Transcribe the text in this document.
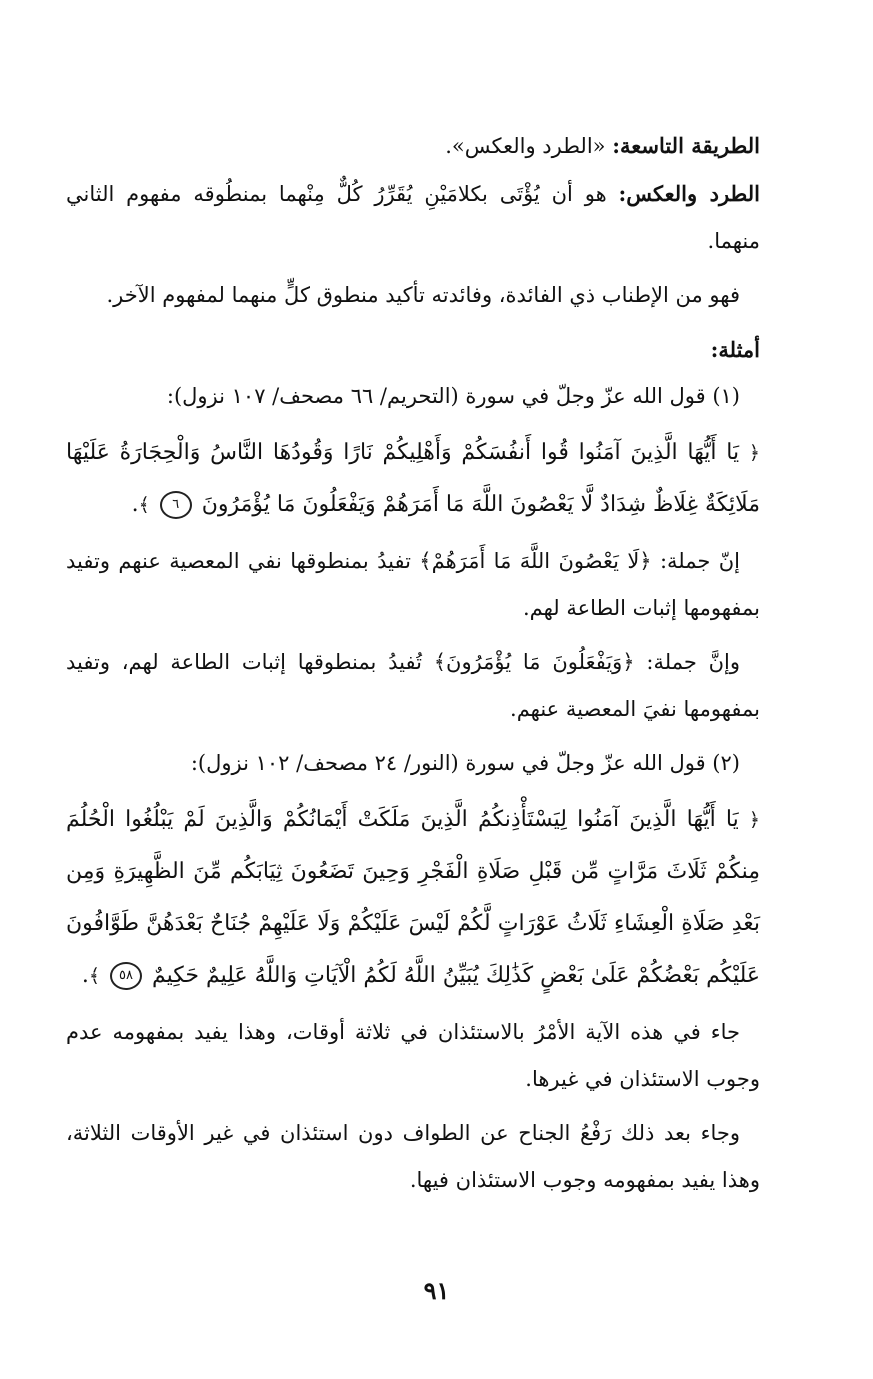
الطريقة التاسعة: «الطرد والعكس».

الطرد والعكس: هو أن يُؤْتَى بكلامَيْنِ يُقَرِّرُ كُلٌّ مِنْهما بمنطُوقه مفهوم الثاني منهما.

فهو من الإطناب ذي الفائدة، وفائدته تأكيد منطوق كلٍّ منهما لمفهوم الآخر.

أمثلة:

(١) قول الله عزّ وجلّ في سورة (التحريم/ ٦٦ مصحف/ ١٠٧ نزول):

﴿ يَا أَيُّهَا الَّذِينَ آمَنُوا قُوا أَنفُسَكُمْ وَأَهْلِيكُمْ نَارًا وَقُودُهَا النَّاسُ وَالْحِجَارَةُ عَلَيْهَا مَلَائِكَةٌ غِلَاظٌ شِدَادٌ لَّا يَعْصُونَ اللَّهَ مَا أَمَرَهُمْ وَيَفْعَلُونَ مَا يُؤْمَرُونَ ٦ ﴾.

إنّ جملة: ﴿لَا يَعْصُونَ اللَّهَ مَا أَمَرَهُمْ﴾ تفيدُ بمنطوقها نفي المعصية عنهم وتفيد بمفهومها إثبات الطاعة لهم.

وإنَّ جملة: ﴿وَيَفْعَلُونَ مَا يُؤْمَرُونَ﴾ تُفيدُ بمنطوقها إثبات الطاعة لهم، وتفيد بمفهومها نفيَ المعصية عنهم.

(٢) قول الله عزّ وجلّ في سورة (النور/ ٢٤ مصحف/ ١٠٢ نزول):

﴿ يَا أَيُّهَا الَّذِينَ آمَنُوا لِيَسْتَأْذِنكُمُ الَّذِينَ مَلَكَتْ أَيْمَانُكُمْ وَالَّذِينَ لَمْ يَبْلُغُوا الْحُلُمَ مِنكُمْ ثَلَاثَ مَرَّاتٍ مِّن قَبْلِ صَلَاةِ الْفَجْرِ وَحِينَ تَضَعُونَ ثِيَابَكُم مِّنَ الظَّهِيرَةِ وَمِن بَعْدِ صَلَاةِ الْعِشَاءِ ثَلَاثُ عَوْرَاتٍ لَّكُمْ لَيْسَ عَلَيْكُمْ وَلَا عَلَيْهِمْ جُنَاحٌ بَعْدَهُنَّ طَوَّافُونَ عَلَيْكُم بَعْضُكُمْ عَلَىٰ بَعْضٍ كَذَٰلِكَ يُبَيِّنُ اللَّهُ لَكُمُ الْآيَاتِ وَاللَّهُ عَلِيمٌ حَكِيمٌ ٥٨ ﴾.

جاء في هذه الآية الأمْرُ بالاستئذان في ثلاثة أوقات، وهذا يفيد بمفهومه عدم وجوب الاستئذان في غيرها.

وجاء بعد ذلك رَفْعُ الجناح عن الطواف دون استئذان في غير الأوقات الثلاثة، وهذا يفيد بمفهومه وجوب الاستئذان فيها.

٩١
